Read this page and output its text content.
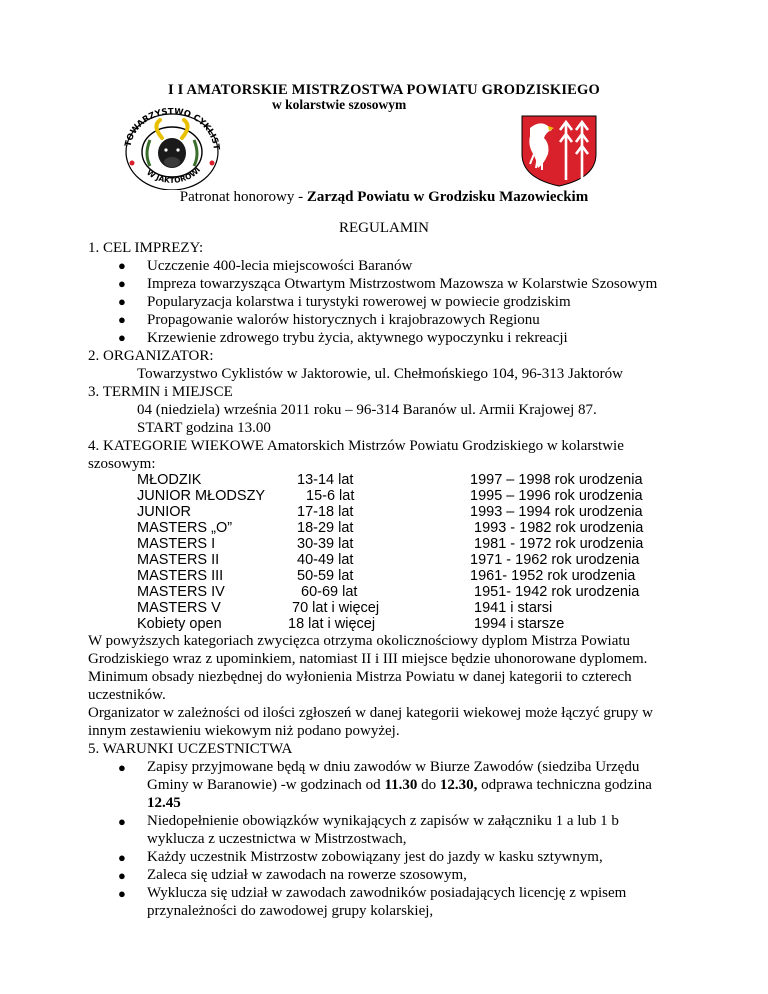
I I AMATORSKIE MISTRZOSTWA POWIATU GRODZISKIEGO
w kolarstwie szosowym
TOWARZYSTWO CYKLIST
W JAKTOROWI
Patronat honorowy - Zarząd Powiatu w Grodzisku Mazowieckim
REGULAMIN
1. CEL IMPREZY:
● Uczczenie 400-lecia miejscowości Baranów
● Impreza towarzysząca Otwartym Mistrzostwom Mazowsza w Kolarstwie Szosowym
● Popularyzacja kolarstwa i turystyki rowerowej w powiecie grodziskim
● Propagowanie walorów historycznych i krajobrazowych Regionu
● Krzewienie zdrowego trybu życia, aktywnego wypoczynku i rekreacji
2. ORGANIZATOR:
Towarzystwo Cyklistów w Jaktorowie, ul. Chełmońskiego 104, 96-313 Jaktorów
3. TERMIN i MIEJSCE
04 (niedziela) września 2011 roku – 96-314 Baranów ul. Armii Krajowej 87.
START godzina 13.00
4. KATEGORIE WIEKOWE Amatorskich Mistrzów Powiatu Grodziskiego w kolarstwie
szosowym:
MŁODZIK	13-14 lat	1997 – 1998 rok urodzenia
JUNIOR MŁODSZY	15-6 lat	1995 – 1996 rok urodzenia
JUNIOR	17-18 lat	1993 – 1994 rok urodzenia
MASTERS „O”	18-29 lat	1993 - 1982 rok urodzenia
MASTERS I	30-39 lat	1981 - 1972 rok urodzenia
MASTERS II	40-49 lat	1971 - 1962 rok urodzenia
MASTERS III	50-59 lat	1961- 1952 rok urodzenia
MASTERS IV	60-69 lat	1951- 1942 rok urodzenia
MASTERS V	70 lat i więcej	1941 i starsi
Kobiety open	18 lat i więcej	1994 i starsze
W powyższych kategoriach zwycięzca otrzyma okolicznościowy dyplom Mistrza Powiatu
Grodziskiego wraz z upominkiem, natomiast II i III miejsce będzie uhonorowane dyplomem.
Minimum obsady niezbędnej do wyłonienia Mistrza Powiatu w danej kategorii to czterech
uczestników.
Organizator w zależności od ilości zgłoszeń w danej kategorii wiekowej może łączyć grupy w
innym zestawieniu wiekowym niż podano powyżej.
5. WARUNKI UCZESTNICTWA
● Zapisy przyjmowane będą w dniu zawodów w Biurze Zawodów (siedziba Urzędu
Gminy w Baranowie) -w godzinach od 11.30 do 12.30, odprawa techniczna godzina
12.45
● Niedopełnienie obowiązków wynikających z zapisów w załączniku 1 a lub 1 b
wyklucza z uczestnictwa w Mistrzostwach,
● Każdy uczestnik Mistrzostw zobowiązany jest do jazdy w kasku sztywnym,
● Zaleca się udział w zawodach na rowerze szosowym,
● Wyklucza się udział w zawodach zawodników posiadających licencję z wpisem
przynależności do zawodowej grupy kolarskiej,
